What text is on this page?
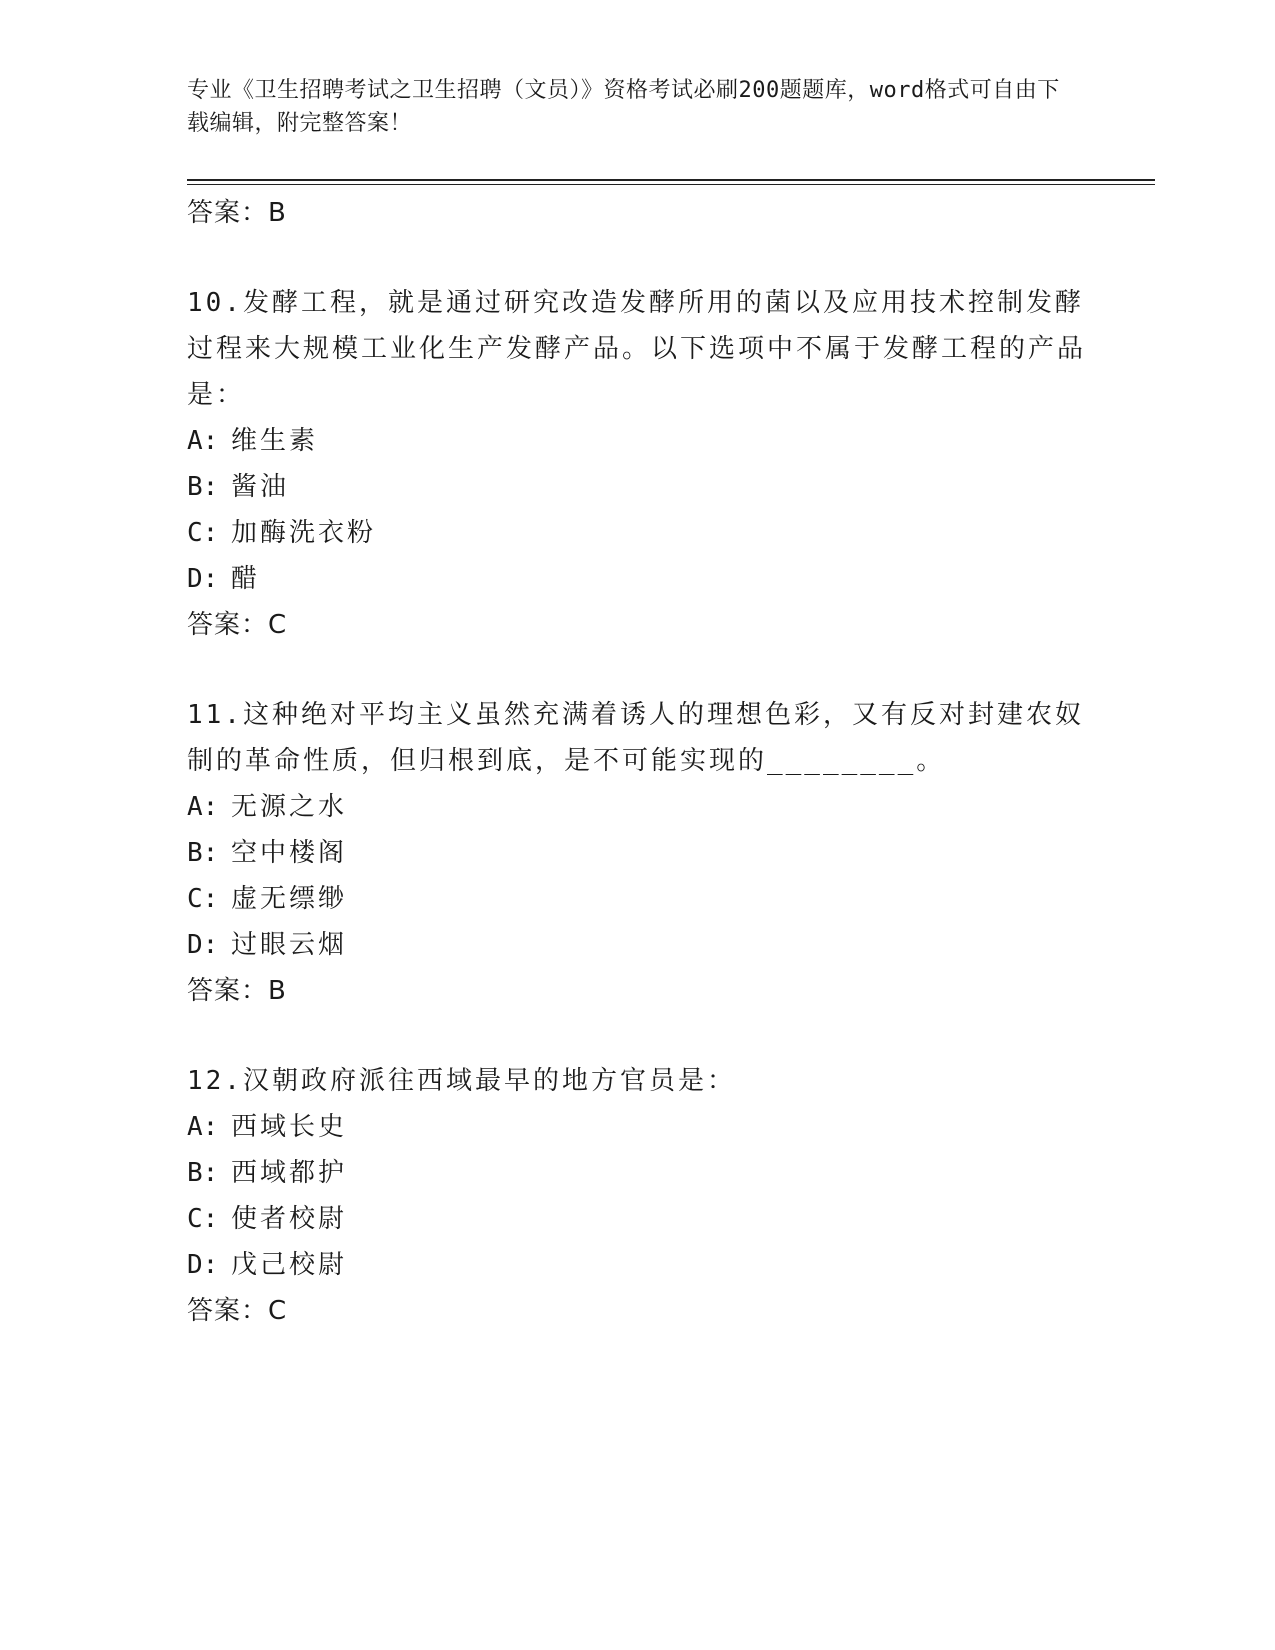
专业《卫生招聘考试之卫生招聘（文员）》资格考试必刷200题题库，word格式可自由下载编辑，附完整答案！
答案：B
10.发酵工程，就是通过研究改造发酵所用的菌以及应用技术控制发酵过程来大规模工业化生产发酵产品。以下选项中不属于发酵工程的产品是：
A: 维生素
B: 酱油
C: 加酶洗衣粉
D: 醋
答案：C
11.这种绝对平均主义虽然充满着诱人的理想色彩，又有反对封建农奴制的革命性质，但归根到底，是不可能实现的________。
A: 无源之水
B: 空中楼阁
C: 虚无缥缈
D: 过眼云烟
答案：B
12.汉朝政府派往西域最早的地方官员是：
A: 西域长史
B: 西域都护
C: 使者校尉
D: 戊己校尉
答案：C
